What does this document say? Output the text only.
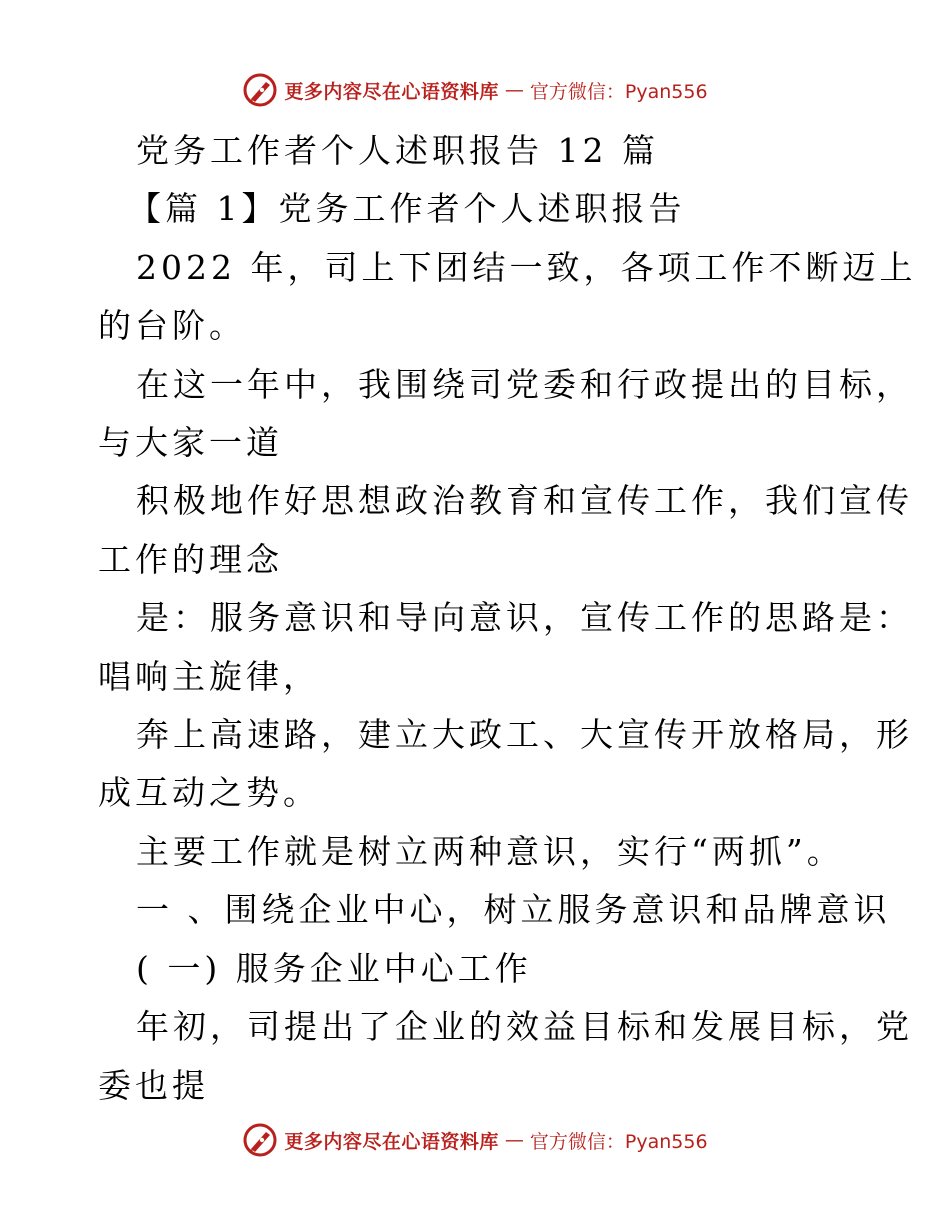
更多内容尽在心语资料库 — 官方微信：Pyan556

党务工作者个人述职报告 12 篇

【篇 1】党务工作者个人述职报告

2022 年，司上下团结一致，各项工作不断迈上

的台阶。

在这一年中，我围绕司党委和行政提出的目标，

与大家一道

积极地作好思想政治教育和宣传工作，我们宣传

工作的理念

是：服务意识和导向意识，宣传工作的思路是：

唱响主旋律，

奔上高速路，建立大政工、大宣传开放格局，形

成互动之势。

主要工作就是树立两种意识，实行“两抓”。

一 、围绕企业中心，树立服务意识和品牌意识

( 一) 服务企业中心工作

年初，司提出了企业的效益目标和发展目标，党

委也提

更多内容尽在心语资料库 — 官方微信：Pyan556
